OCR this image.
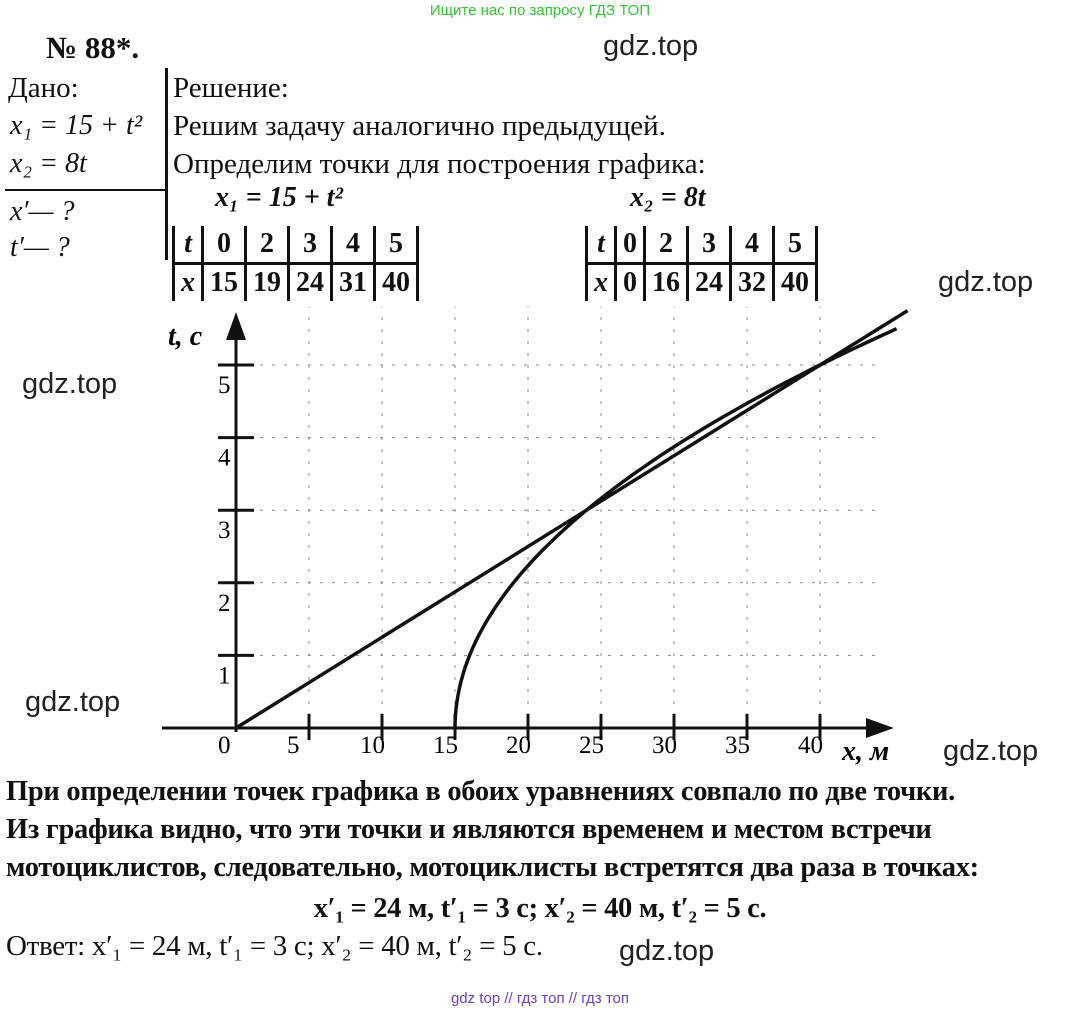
Ищите нас по запросу ГДЗ ТОП
gdz.top
gdz.top
gdz.top
gdz.top
gdz.top
gdz.top
№ 88*.
Дано:
x₁ = 15 + t²
x₂ = 8t
x′— ?
t′— ?
Решение:
Решим задачу аналогично предыдущей.
Определим точки для построения графика:
x₁ = 15 + t²	x₂ = 8t
t	0	2	3	4	5
x	15	19	24	31	40
t	0	2	3	4	5
x	0	16	24	32	40
0 5 10 15 20 25 30 35 40
1
2
3
4
5
x, м
t, с
При определении точек графика в обоих уравнениях совпало по две точки.
Из графика видно, что эти точки и являются временем и местом встречи
мотоциклистов, следовательно, мотоциклисты встретятся два раза в точках:
x′₁ = 24 м, t′₁ = 3 с; x′₂ = 40 м, t′₂ = 5 с.
Ответ: x′₁ = 24 м, t′₁ = 3 с; x′₂ = 40 м, t′₂ = 5 с.
gdz top // гдз топ // гдз топ
